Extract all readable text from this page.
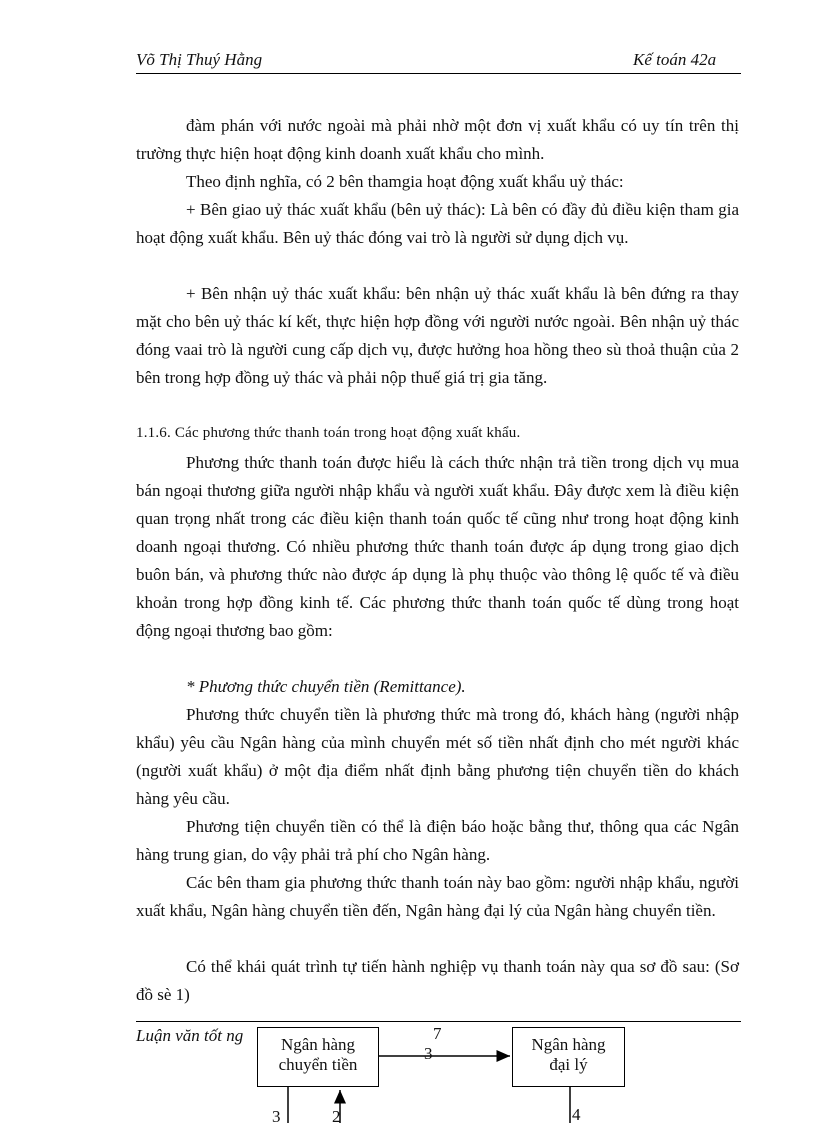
Võ Thị Thuý Hằng	Kế toán 42a

đàm phán với nước ngoài mà phải nhờ một đơn vị xuất khẩu có uy tín trên thị trường thực hiện hoạt động kinh doanh xuất khẩu cho mình.

Theo định nghĩa, có 2 bên thamgia hoạt động xuất khẩu uỷ thác:

+ Bên giao uỷ thác xuất khẩu (bên uỷ thác): Là bên có đầy đủ điều kiện tham gia hoạt động xuất khẩu. Bên uỷ thác đóng vai trò là người sử dụng dịch vụ.

+ Bên nhận uỷ thác xuất khẩu: bên nhận uỷ thác xuất khẩu là bên đứng ra thay mặt cho bên uỷ thác kí kết, thực hiện hợp đồng với người nước ngoài. Bên nhận uỷ thác đóng vaai trò là người cung cấp dịch vụ, được hưởng hoa hồng theo sù thoả thuận của 2 bên trong hợp đồng uỷ thác và phải nộp thuế giá trị gia tăng.

1.1.6. Các phương thức thanh toán trong hoạt động xuất khẩu.

Phương thức thanh toán được hiểu là cách thức nhận trả tiền trong dịch vụ mua bán ngoại thương giữa người nhập khẩu và người xuất khẩu. Đây được xem là điều kiện quan trọng nhất trong các điều kiện thanh toán quốc tế cũng như trong hoạt động kinh doanh ngoại thương. Có nhiều phương thức thanh toán được áp dụng trong giao dịch buôn bán, và phương thức nào được áp dụng là phụ thuộc vào thông lệ quốc tế và điều khoản trong hợp đồng kinh tế. Các phương thức thanh toán quốc tế dùng trong hoạt động ngoại thương bao gồm:

* Phương thức chuyển tiền (Remittance).

Phương thức chuyển tiền là phương thức mà trong đó, khách hàng (người nhập khẩu) yêu cầu Ngân hàng của mình chuyển mét số tiền nhất định cho mét người khác (người xuất khẩu) ở một địa điểm nhất định bằng phương tiện chuyển tiền do khách hàng yêu cầu.

Phương tiện chuyển tiền có thể là điện báo hoặc bằng thư, thông qua các Ngân hàng trung gian, do vậy phải trả phí cho Ngân hàng.

Các bên tham gia phương thức thanh toán này bao gồm: người nhập khẩu, người xuất khẩu, Ngân hàng chuyển tiền đến, Ngân hàng đại lý của Ngân hàng chuyển tiền.

Có thể khái quát trình tự tiến hành nghiệp vụ thanh toán này qua sơ đồ sau: (Sơ đồ sè 1)

Luận văn tốt ng	Ngân hàng
chuyển tiền
Ngân hàng
đại lý
7
3
3	2	4
